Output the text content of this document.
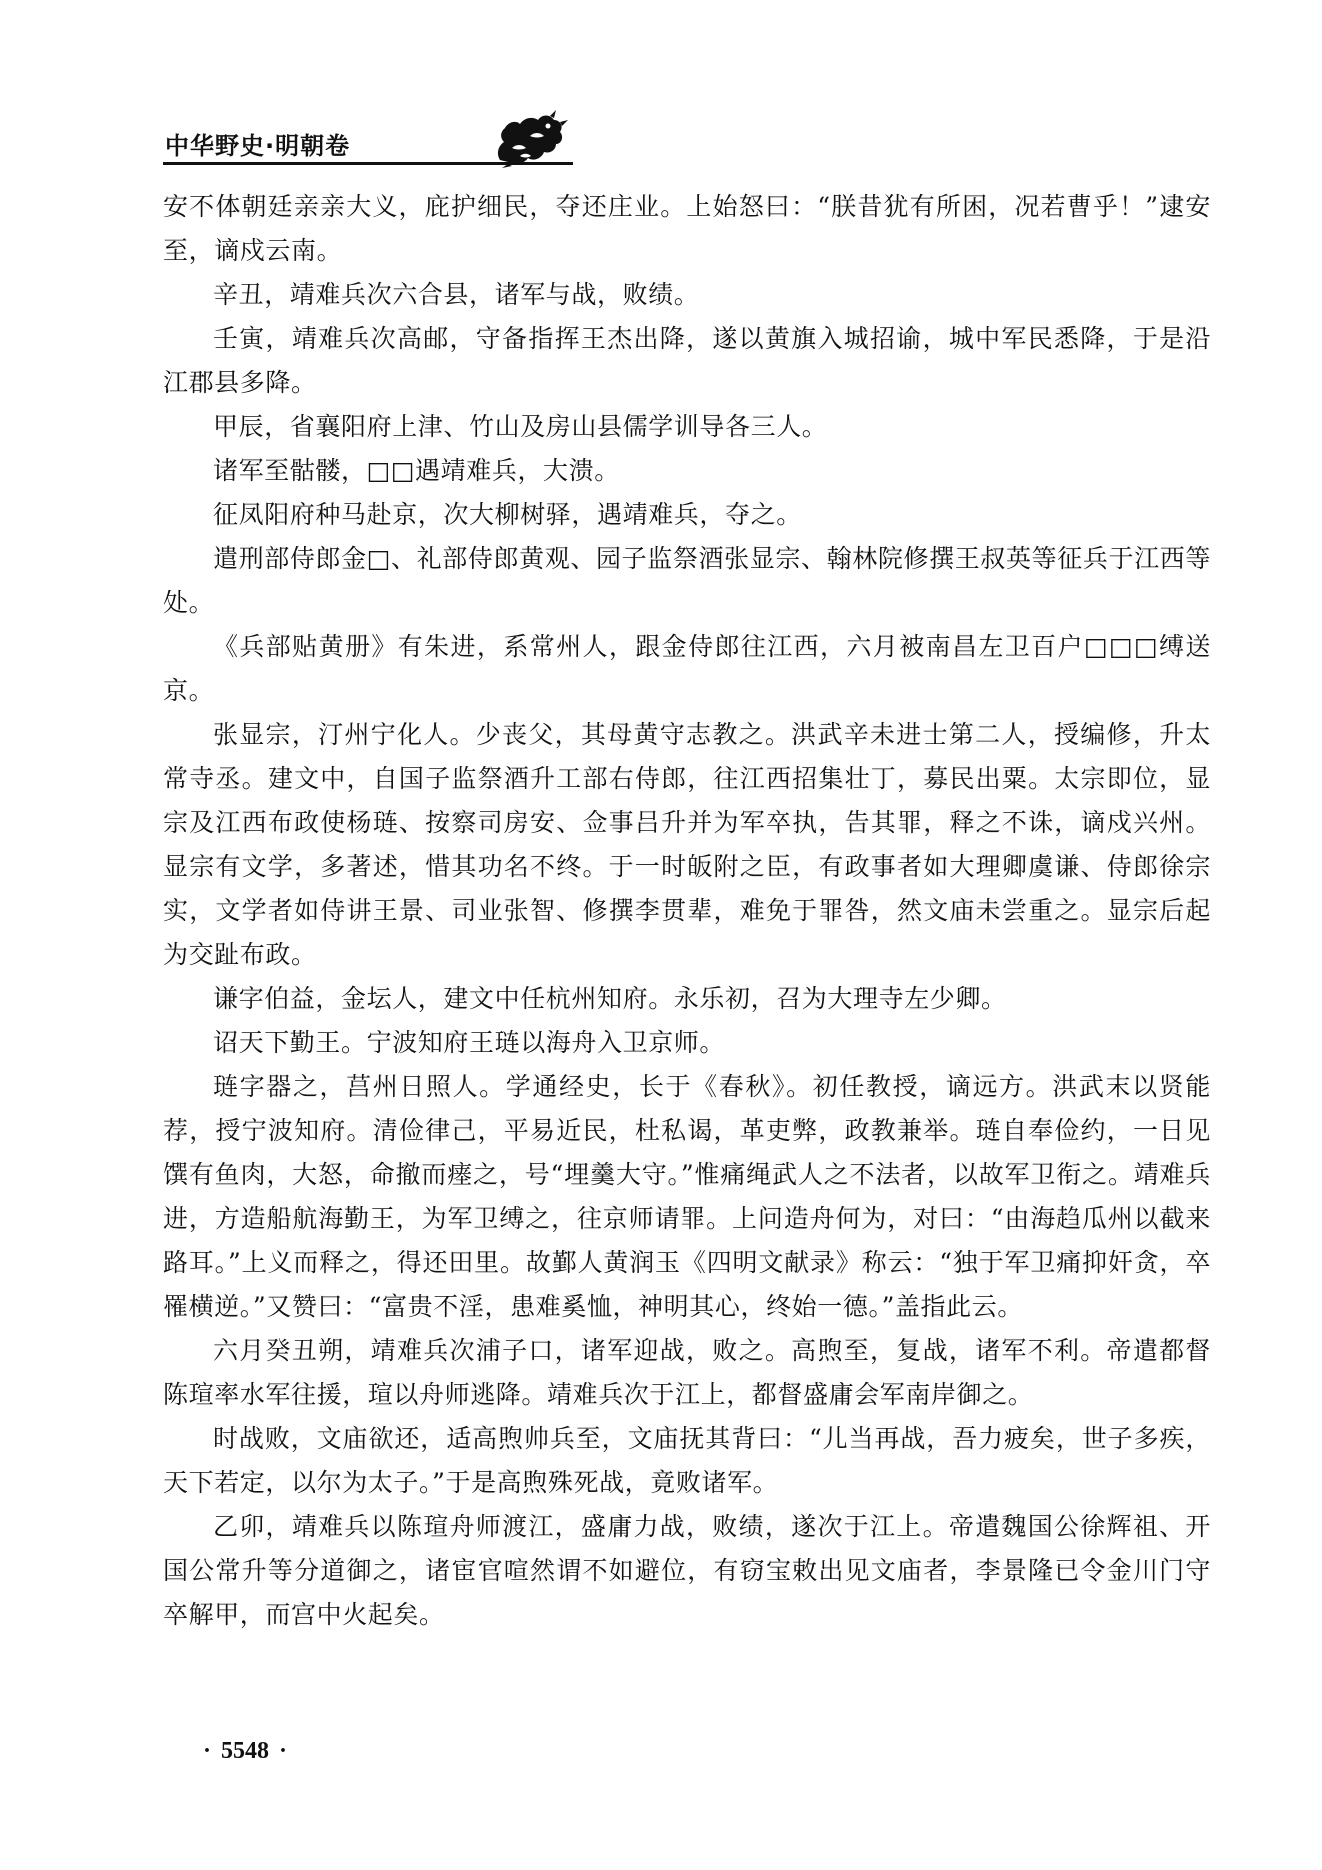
中华野史·明朝卷

安不体朝廷亲亲大义，庇护细民，夺还庄业。上始怒曰：“朕昔犹有所困，况若曹乎！”逮安至，谪戍云南。

辛丑，靖难兵次六合县，诸军与战，败绩。

壬寅，靖难兵次高邮，守备指挥王杰出降，遂以黄旗入城招谕，城中军民悉降，于是沿江郡县多降。

甲辰，省襄阳府上津、竹山及房山县儒学训导各三人。

诸军至骷髅，□□遇靖难兵，大溃。

征凤阳府种马赴京，次大柳树驿，遇靖难兵，夺之。

遣刑部侍郎金□、礼部侍郎黄观、园子监祭酒张显宗、翰林院修撰王叔英等征兵于江西等处。

《兵部贴黄册》有朱进，系常州人，跟金侍郎往江西，六月被南昌左卫百户□□□缚送京。

张显宗，汀州宁化人。少丧父，其母黄守志教之。洪武辛未进士第二人，授编修，升太常寺丞。建文中，自国子监祭酒升工部右侍郎，往江西招集壮丁，募民出粟。太宗即位，显宗及江西布政使杨琏、按察司房安、佥事吕升并为军卒执，告其罪，释之不诛，谪戍兴州。显宗有文学，多著述，惜其功名不终。于一时皈附之臣，有政事者如大理卿虞谦、侍郎徐宗实，文学者如侍讲王景、司业张智、修撰李贯辈，难免于罪咎，然文庙未尝重之。显宗后起为交趾布政。

谦字伯益，金坛人，建文中任杭州知府。永乐初，召为大理寺左少卿。

诏天下勤王。宁波知府王琏以海舟入卫京师。

琏字器之，莒州日照人。学通经史，长于《春秋》。初任教授，谪远方。洪武末以贤能荐，授宁波知府。清俭律己，平易近民，杜私谒，革吏弊，政教兼举。琏自奉俭约，一日见馔有鱼肉，大怒，命撤而瘗之，号“埋羹大守。”惟痛绳武人之不法者，以故军卫衔之。靖难兵进，方造船航海勤王，为军卫缚之，往京师请罪。上问造舟何为，对曰：“由海趋瓜州以截来路耳。”上义而释之，得还田里。故鄞人黄润玉《四明文献录》称云：“独于军卫痛抑奸贪，卒罹横逆。”又赞曰：“富贵不淫，患难奚恤，神明其心，终始一德。”盖指此云。

六月癸丑朔，靖难兵次浦子口，诸军迎战，败之。高煦至，复战，诸军不利。帝遣都督陈瑄率水军往援，瑄以舟师逃降。靖难兵次于江上，都督盛庸会军南岸御之。

时战败，文庙欲还，适高煦帅兵至，文庙抚其背曰：“儿当再战，吾力疲矣，世子多疾，天下若定，以尔为太子。”于是高煦殊死战，竟败诸军。

乙卯，靖难兵以陈瑄舟师渡江，盛庸力战，败绩，遂次于江上。帝遣魏国公徐辉祖、开国公常升等分道御之，诸宦官喧然谓不如避位，有窃宝敕出见文庙者，李景隆已令金川门守卒解甲，而宫中火起矣。

· 5548 ·
